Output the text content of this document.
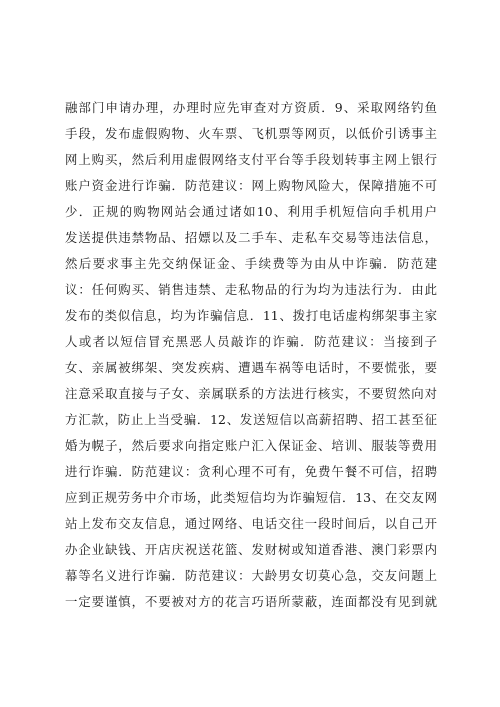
融部门申请办理，办理时应先审查对方资质．9、采取网络钓鱼
手段，发布虚假购物、火车票、飞机票等网页，以低价引诱事主
网上购买，然后利用虚假网络支付平台等手段划转事主网上银行
账户资金进行诈骗．防范建议：网上购物风险大，保障措施不可
少．正规的购物网站会通过诸如10、利用手机短信向手机用户
发送提供违禁物品、招嫖以及二手车、走私车交易等违法信息，
然后要求事主先交纳保证金、手续费等为由从中诈骗．防范建
议：任何购买、销售违禁、走私物品的行为均为违法行为．由此
发布的类似信息，均为诈骗信息．11、拨打电话虚构绑架事主家
人或者以短信冒充黑恶人员敲诈的诈骗．防范建议：当接到子
女、亲属被绑架、突发疾病、遭遇车祸等电话时，不要慌张，要
注意采取直接与子女、亲属联系的方法进行核实，不要贸然向对
方汇款，防止上当受骗．12、发送短信以高薪招聘、招工甚至征
婚为幌子，然后要求向指定账户汇入保证金、培训、服装等费用
进行诈骗．防范建议：贪利心理不可有，免费午餐不可信，招聘
应到正规劳务中介市场，此类短信均为诈骗短信．13、在交友网
站上发布交友信息，通过网络、电话交往一段时间后，以自己开
办企业缺钱、开店庆祝送花篮、发财树或知道香港、澳门彩票内
幕等名义进行诈骗．防范建议：大龄男女切莫心急，交友问题上
一定要谨慎，不要被对方的花言巧语所蒙蔽，连面都没有见到就
